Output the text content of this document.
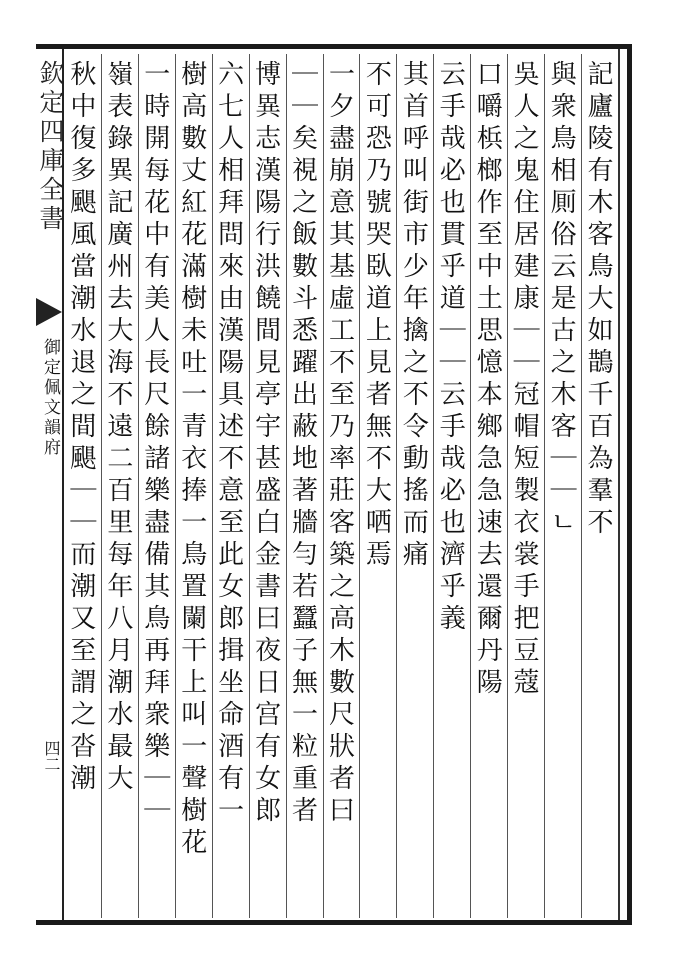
欽定四庫全書
御定佩文韻府
四二
記廬陵有木客鳥大如鵲千百為羣不
與衆鳥相厠俗云是古之木客｜｜ㄴ
吳人之鬼住居建康｜｜冠帽短製衣裳手把豆蔻
口嚼梹榔作至中土思憶本鄉急急速去還爾丹陽
云手哉必也貫乎道｜｜云手哉必也濟乎義
其首呼叫街市少年擒之不令動搖而痛
不可恐乃號哭臥道上見者無不大哂焉
一夕盡崩意其基虛工不至乃率莊客築之高木數尺狀者曰
｜｜矣視之飯數斗悉躍出蔽地著牆勻若蠶子無一粒重者
博異志漢陽行洪饒間見亭宇甚盛白金書曰夜日宫有女郎
六七人相拜問來由漢陽具述不意至此女郎揖坐命酒有一
樹高數丈紅花滿樹未吐一青衣捧一鳥置闌干上叫一聲樹花
一時開每花中有美人長尺餘諸樂盡備其鳥再拜衆樂｜｜
嶺表錄異記廣州去大海不遠二百里每年八月潮水最大
秋中復多颶風當潮水退之間颶｜｜而潮又至謂之沓潮
